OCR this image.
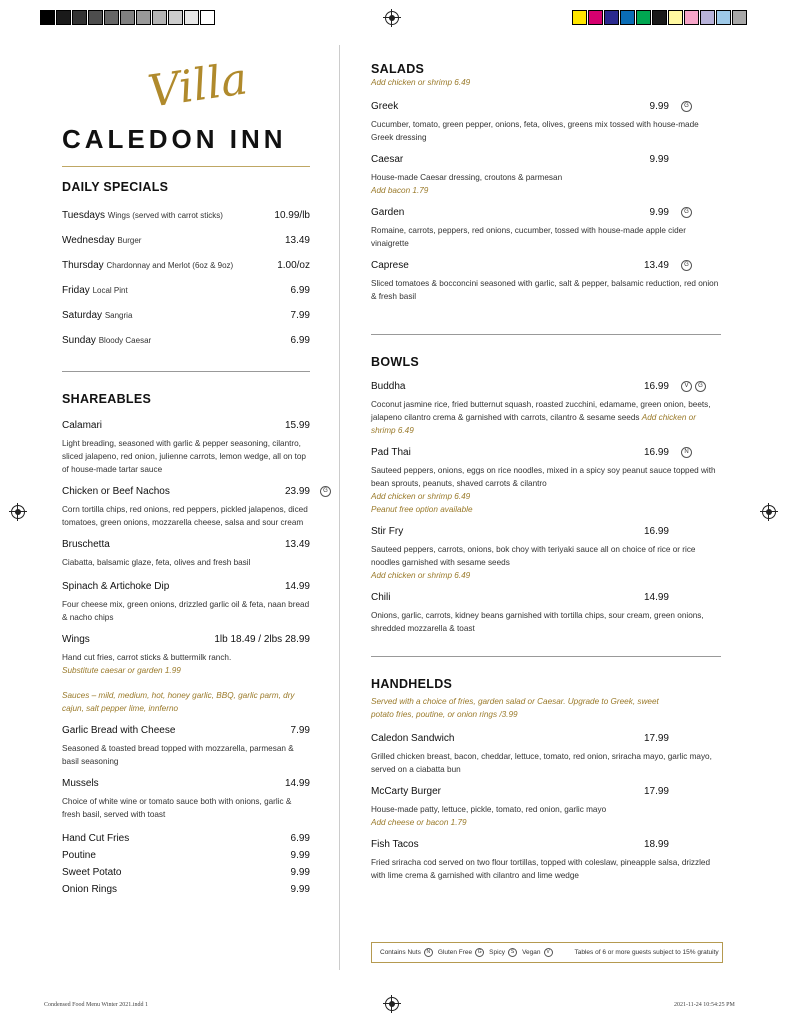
Villa
CALEDON INN
DAILY SPECIALS
Tuesdays Wings (served with carrot sticks)	10.99/lb
Wednesday Burger	13.49
Thursday Chardonnay and Merlot (6oz & 9oz)	1.00/oz
Friday Local Pint	6.99
Saturday Sangria	7.99
Sunday Bloody Caesar	6.99
SHAREABLES
Calamari	15.99
Light breading, seasoned with garlic & pepper seasoning, cilantro, sliced jalapeno, red onion, julienne carrots, lemon wedge, all on top of house-made tartar sauce
Chicken or Beef Nachos	23.99	G
Corn tortilla chips, red onions, red peppers, pickled jalapenos, diced tomatoes, green onions, mozzarella cheese, salsa and sour cream
Bruschetta	13.49
Ciabatta, balsamic glaze, feta, olives and fresh basil
Spinach & Artichoke Dip	14.99
Four cheese mix, green onions, drizzled garlic oil & feta, naan bread & nacho chips
Wings	1lb 18.49 / 2lbs 28.99
Hand cut fries, carrot sticks & buttermilk ranch.
Substitute caesar or garden 1.99
Sauces – mild, medium, hot, honey garlic, BBQ, garlic parm, dry cajun, salt pepper lime, innferno
Garlic Bread with Cheese	7.99
Seasoned & toasted bread topped with mozzarella, parmesan & basil seasoning
Mussels	14.99
Choice of white wine or tomato sauce both with onions, garlic & fresh basil, served with toast
Hand Cut Fries	6.99
Poutine	9.99
Sweet Potato	9.99
Onion Rings	9.99
SALADS
Add chicken or shrimp 6.49
Greek	9.99	G
Cucumber, tomato, green pepper, onions, feta, olives, greens mix tossed with house-made Greek dressing
Caesar	9.99
House-made Caesar dressing, croutons & parmesan
Add bacon 1.79
Garden	9.99	G
Romaine, carrots, peppers, red onions, cucumber, tossed with house-made apple cider vinaigrette
Caprese	13.49	G
Sliced tomatoes & bocconcini seasoned with garlic, salt & pepper, balsamic reduction, red onion & fresh basil
BOWLS
Buddha	16.99	V	G
Coconut jasmine rice, fried butternut squash, roasted zucchini, edamame, green onion, beets, jalapeno cilantro crema & garnished with carrots, cilantro & sesame seeds Add chicken or shrimp 6.49
Pad Thai	16.99	N
Sauteed peppers, onions, eggs on rice noodles, mixed in a spicy soy peanut sauce topped with bean sprouts, peanuts, shaved carrots & cilantro
Add chicken or shrimp 6.49
Peanut free option available
Stir Fry	16.99
Sauteed peppers, carrots, onions, bok choy with teriyaki sauce all on choice of rice or rice noodles garnished with sesame seeds
Add chicken or shrimp 6.49
Chili	14.99
Onions, garlic, carrots, kidney beans garnished with tortilla chips, sour cream, green onions, shredded mozzarella & toast
HANDHELDS
Served with a choice of fries, garden salad or Caesar. Upgrade to Greek, sweet potato fries, poutine, or onion rings /3.99
Caledon Sandwich	17.99
Grilled chicken breast, bacon, cheddar, lettuce, tomato, red onion, sriracha mayo, garlic mayo, served on a ciabatta bun
McCarty Burger	17.99
House-made patty, lettuce, pickle, tomato, red onion, garlic mayo
Add cheese or bacon 1.79
Fish Tacos	18.99
Fried sriracha cod served on two flour tortillas, topped with coleslaw, pineapple salsa, drizzled with lime crema & garnished with cilantro and lime wedge
Contains Nuts	N	Gluten Free	G	Spicy	S	Vegan	V	Tables of 6 or more guests subject to 15% gratuity
Condensed Food Menu Winter 2021.indd 1	2021-11-24 10:54:25 PM
